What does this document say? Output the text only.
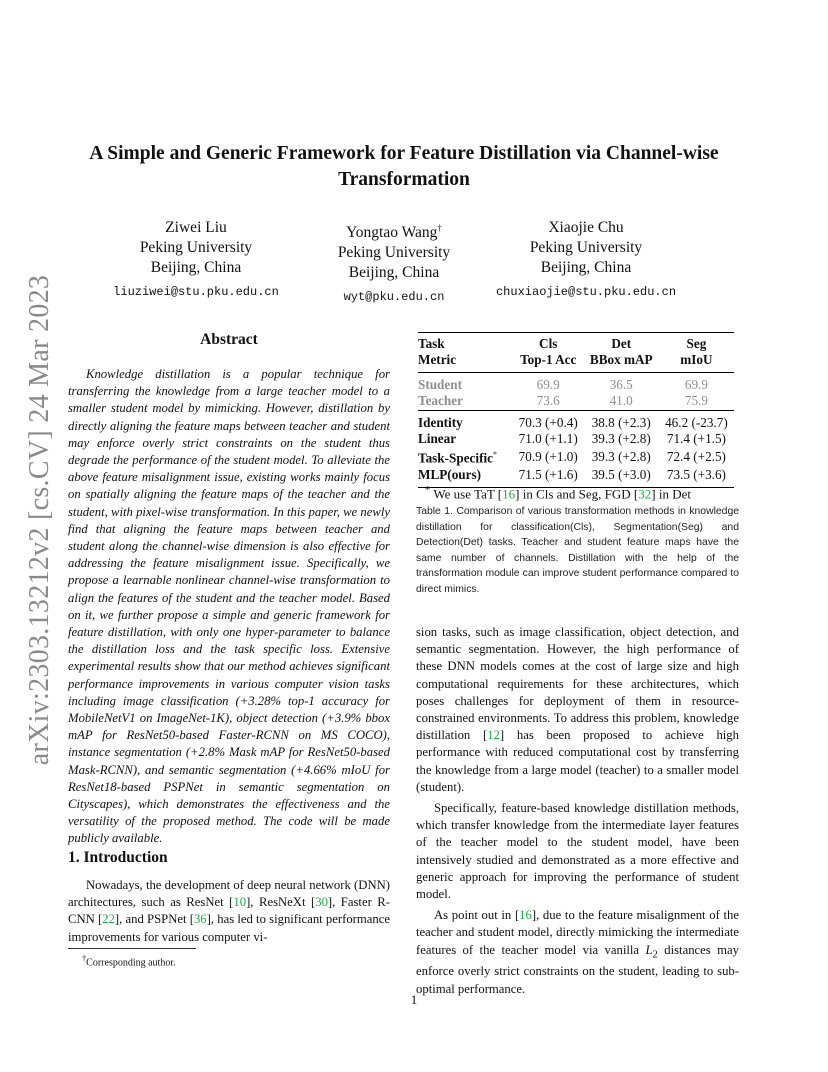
arXiv:2303.13212v2 [cs.CV] 24 Mar 2023
A Simple and Generic Framework for Feature Distillation via Channel-wise
Transformation
Ziwei Liu
Peking University
Beijing, China
liuziwei@stu.pku.edu.cn
Yongtao Wang†
Peking University
Beijing, China
wyt@pku.edu.cn
Xiaojie Chu
Peking University
Beijing, China
chuxiaojie@stu.pku.edu.cn
Abstract
Knowledge distillation is a popular technique for transferring the knowledge from a large teacher model to a smaller student model by mimicking. However, distillation by directly aligning the feature maps between teacher and student may enforce overly strict constraints on the student thus degrade the performance of the student model. To alleviate the above feature misalignment issue, existing works mainly focus on spatially aligning the feature maps of the teacher and the student, with pixel-wise transformation. In this paper, we newly find that aligning the feature maps between teacher and student along the channel-wise dimension is also effective for addressing the feature misalignment issue. Specifically, we propose a learnable nonlinear channel-wise transformation to align the features of the student and the teacher model. Based on it, we further propose a simple and generic framework for feature distillation, with only one hyper-parameter to balance the distillation loss and the task specific loss. Extensive experimental results show that our method achieves significant performance improvements in various computer vision tasks including image classification (+3.28% top-1 accuracy for MobileNetV1 on ImageNet-1K), object detection (+3.9% bbox mAP for ResNet50-based Faster-RCNN on MS COCO), instance segmentation (+2.8% Mask mAP for ResNet50-based Mask-RCNN), and semantic segmentation (+4.66% mIoU for ResNet18-based PSPNet in semantic segmentation on Cityscapes), which demonstrates the effectiveness and the versatility of the proposed method. The code will be made publicly available.
1. Introduction
Nowadays, the development of deep neural network (DNN) architectures, such as ResNet [10], ResNeXt [30], Faster R-CNN [22], and PSPNet [36], has led to significant performance improvements for various computer vi-
†Corresponding author.
Task	Cls	Det	Seg
Metric	Top-1 Acc	BBox mAP	mIoU
Student	69.9	36.5	69.9
Teacher	73.6	41.0	75.9
Identity	70.3 (+0.4)	38.8 (+2.3)	46.2 (-23.7)
Linear	71.0 (+1.1)	39.3 (+2.8)	71.4 (+1.5)
Task-Specific*	70.9 (+1.0)	39.3 (+2.8)	72.4 (+2.5)
MLP(ours)	71.5 (+1.6)	39.5 (+3.0)	73.5 (+3.6)
* We use TaT [16] in Cls and Seg, FGD [32] in Det
Table 1. Comparison of various transformation methods in knowledge distillation for classification(Cls), Segmentation(Seg) and Detection(Det) tasks. Teacher and student feature maps have the same number of channels. Distillation with the help of the transformation module can improve student performance compared to direct mimics.

sion tasks, such as image classification, object detection, and semantic segmentation. However, the high performance of these DNN models comes at the cost of large size and high computational requirements for these architectures, which poses challenges for deployment of them in resource-constrained environments. To address this problem, knowledge distillation [12] has been proposed to achieve high performance with reduced computational cost by transferring the knowledge from a large model (teacher) to a smaller model (student).

Specifically, feature-based knowledge distillation methods, which transfer knowledge from the intermediate layer features of the teacher model to the student model, have been intensively studied and demonstrated as a more effective and generic approach for improving the performance of student model.

As point out in [16], due to the feature misalignment of the teacher and student model, directly mimicking the intermediate features of the teacher model via vanilla $L_2$ distances may enforce overly strict constraints on the student, leading to sub-optimal performance.

1
